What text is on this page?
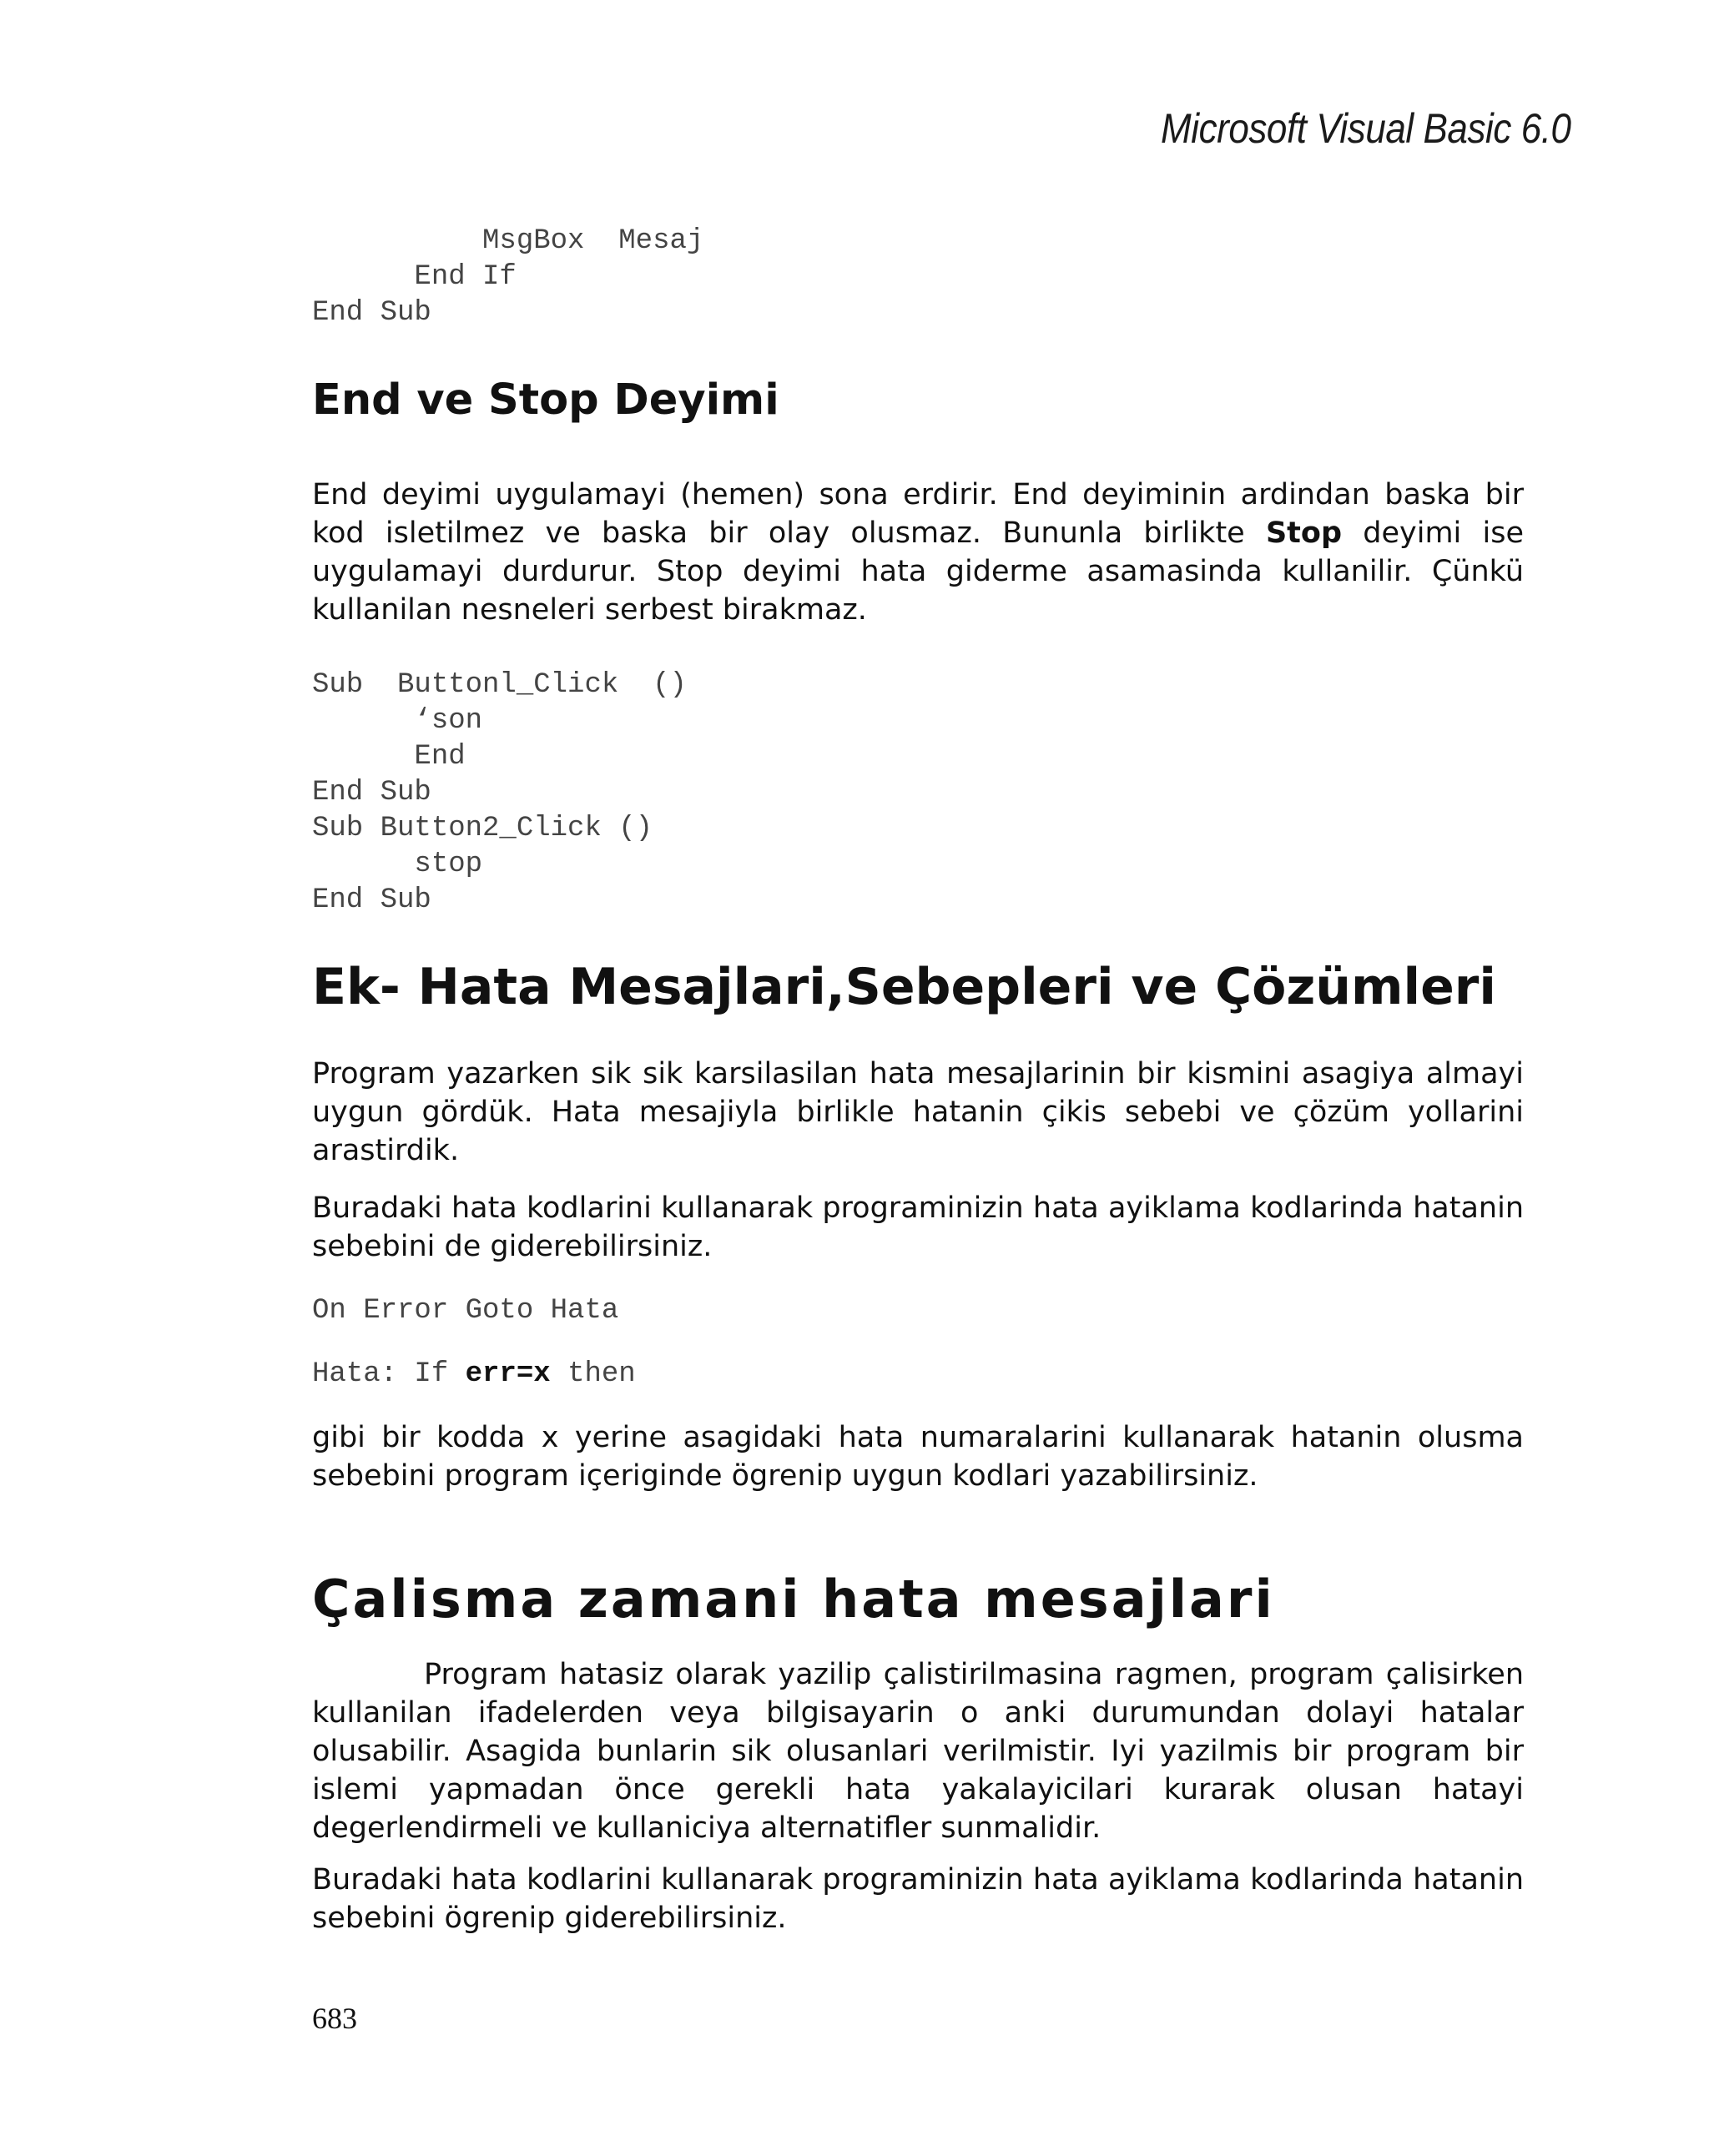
Microsoft Visual Basic 6.0
MsgBox  Mesaj
End If
End Sub
End ve Stop Deyimi

End deyimi uygulamayi (hemen) sona erdirir. End deyiminin ardindan baska bir kod isletilmez ve baska bir olay olusmaz. Bununla birlikte Stop deyimi ise uygulamayi durdurur. Stop deyimi hata giderme asamasinda kullanilir. Çünkü kullanilan nesneleri serbest birakmaz.

Sub  Buttonl_Click  ()
‘son
End
End Sub
Sub Button2_Click ()
stop
End Sub
Ek- Hata Mesajlari,Sebepleri ve Çözümleri

Program yazarken sik sik karsilasilan hata mesajlarinin bir kismini asagiya almayi uygun gördük. Hata mesajiyla birlikle hatanin çikis sebebi ve çözüm yollarini arastirdik.

Buradaki hata kodlarini kullanarak programinizin hata ayiklama kodlarinda hatanin sebebini de giderebilirsiniz.

On Error Goto Hata
Hata: If err=x then

gibi bir kodda x yerine asagidaki hata numaralarini kullanarak hatanin olusma sebebini program içeriginde ögrenip uygun kodlari yazabilirsiniz.

Çalisma zamani hata mesajlari

Program hatasiz olarak yazilip çalistirilmasina ragmen, program çalisirken kullanilan ifadelerden veya bilgisayarin o anki durumundan dolayi hatalar olusabilir. Asagida bunlarin sik olusanlari verilmistir. Iyi yazilmis bir program bir islemi yapmadan önce gerekli hata yakalayicilari kurarak olusan hatayi degerlendirmeli ve kullaniciya alternatifler sunmalidir.

Buradaki hata kodlarini kullanarak programinizin hata ayiklama kodlarinda hatanin sebebini ögrenip giderebilirsiniz.

683
